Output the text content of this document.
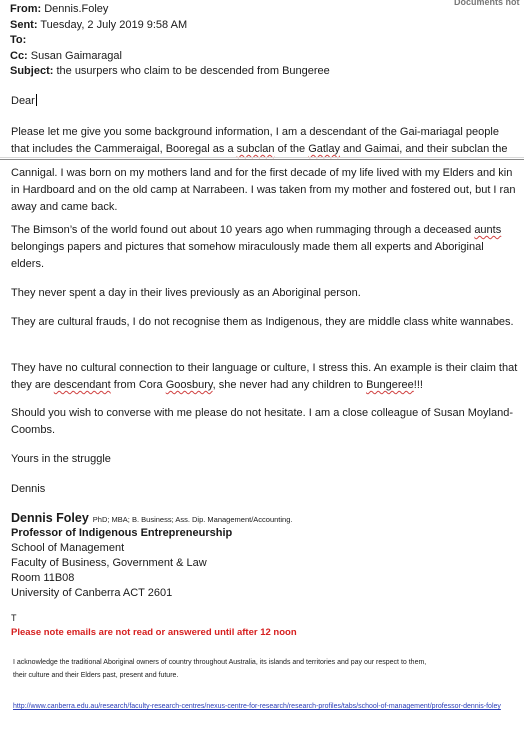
Documents not
From: Dennis.Foley
Sent: Tuesday, 2 July 2019 9:58 AM
To:
Cc: Susan Gaimaragal
Subject: the usurpers who claim to be descended from Bungeree

Dear

Please let me give you some background information, I am a descendant of the Gai-mariagal people that includes the Cammeraigal, Booregal as a subclan of the Gatlay and Gaimai, and their subclan the

Cannigal. I was born on my mothers land and for the first decade of my life lived with my Elders and kin in Hardboard and on the old camp at Narrabeen. I was taken from my mother and fostered out, but I ran away and came back.

The Bimson’s of the world found out about 10 years ago when rummaging through a deceased aunts belongings papers and pictures that somehow miraculously made them all experts and Aboriginal elders.

They never spent a day in their lives previously as an Aboriginal person.

They are cultural frauds, I do not recognise them as Indigenous, they are middle class white wannabes.

They have no cultural connection to their language or culture, I stress this. An example is their claim that they are descendant from Cora Goosbury, she never had any children to Bungeree!!!

Should you wish to converse with me please do not hesitate. I am a close colleague of Susan Moyland-Coombs.

Yours in the struggle

Dennis

Dennis Foley PhD; MBA; B. Business; Ass. Dip. Management/Accounting.
Professor of Indigenous Entrepreneurship
School of Management
Faculty of Business, Government & Law
Room 11B08
University of Canberra ACT 2601
T
Please note emails are not read or answered until after 12 noon
I acknowledge the traditional Aboriginal owners of country throughout Australia, its islands and territories and pay our respect to them,
their culture and their Elders past, present and future.
http://www.canberra.edu.au/research/faculty-research-centres/nexus-centre-for-research/research-profiles/tabs/school-of-management/professor-dennis-foley
